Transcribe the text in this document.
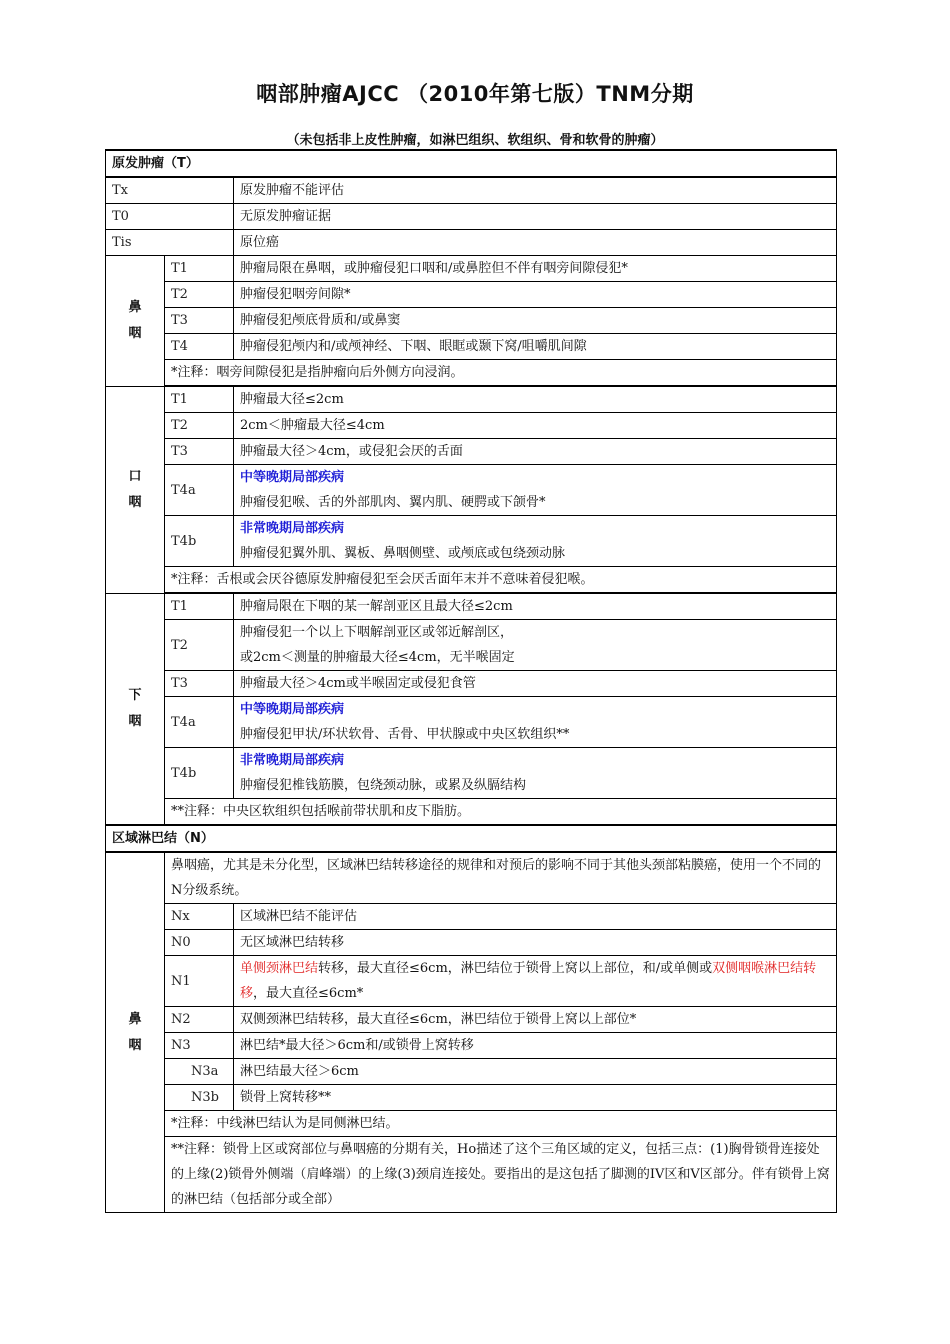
咽部肿瘤AJCC （2010年第七版）TNM分期
（未包括非上皮性肿瘤，如淋巴组织、软组织、骨和软骨的肿瘤）
原发肿瘤（T）		
Tx		原发肿瘤不能评估
T0		无原发肿瘤证据
Tis		原位癌
鼻
咽	T1	肿瘤局限在鼻咽，或肿瘤侵犯口咽和/或鼻腔但不伴有咽旁间隙侵犯*
	T2	肿瘤侵犯咽旁间隙*
	T3	肿瘤侵犯颅底骨质和/或鼻窦
	T4	肿瘤侵犯颅内和/或颅神经、下咽、眼眶或颞下窝/咀嚼肌间隙
	*注释：咽旁间隙侵犯是指肿瘤向后外侧方向浸润。	
口
咽	T1	肿瘤最大径≤2cm
	T2	2cm＜肿瘤最大径≤4cm
	T3	肿瘤最大径＞4cm，或侵犯会厌的舌面
	T4a	中等晚期局部疾病
肿瘤侵犯喉、舌的外部肌肉、翼内肌、硬腭或下颌骨*
	T4b	非常晚期局部疾病
肿瘤侵犯翼外肌、翼板、鼻咽侧壁、或颅底或包绕颈动脉
	*注释：舌根或会厌谷德原发肿瘤侵犯至会厌舌面年末并不意味着侵犯喉。	
下
咽	T1	肿瘤局限在下咽的某一解剖亚区且最大径≤2cm
	T2	肿瘤侵犯一个以上下咽解剖亚区或邻近解剖区，
或2cm＜测量的肿瘤最大径≤4cm，无半喉固定
	T3	肿瘤最大径＞4cm或半喉固定或侵犯食管
	T4a	中等晚期局部疾病
肿瘤侵犯甲状/环状软骨、舌骨、甲状腺或中央区软组织**
	T4b	非常晚期局部疾病
肿瘤侵犯椎钱筋膜，包绕颈动脉，或累及纵膈结构
	**注释：中央区软组织包括喉前带状肌和皮下脂肪。	
区域淋巴结（N）		
鼻
咽	鼻咽癌，尤其是未分化型，区域淋巴结转移途径的规律和对预后的影响不同于其他头颈部粘膜癌，使用一个不同的N分级系统。	
	Nx	区域淋巴结不能评估
	N0	无区域淋巴结转移
	N1	单侧颈淋巴结转移，最大直径≤6cm，淋巴结位于锁骨上窝以上部位，和/或单侧或双侧咽喉淋巴结转移，最大直径≤6cm*
	N2	双侧颈淋巴结转移，最大直径≤6cm，淋巴结位于锁骨上窝以上部位*
	N3	淋巴结*最大径＞6cm和/或锁骨上窝转移
	N3a	淋巴结最大径＞6cm
	N3b	锁骨上窝转移**
	*注释：中线淋巴结认为是同侧淋巴结。	
	**注释：锁骨上区或窝部位与鼻咽癌的分期有关，Ho描述了这个三角区域的定义，包括三点：(1)胸骨锁骨连接处的上缘(2)锁骨外侧端（肩峰端）的上缘(3)颈肩连接处。要指出的是这包括了脚测的IV区和V区部分。伴有锁骨上窝的淋巴结（包括部分或全部）	
